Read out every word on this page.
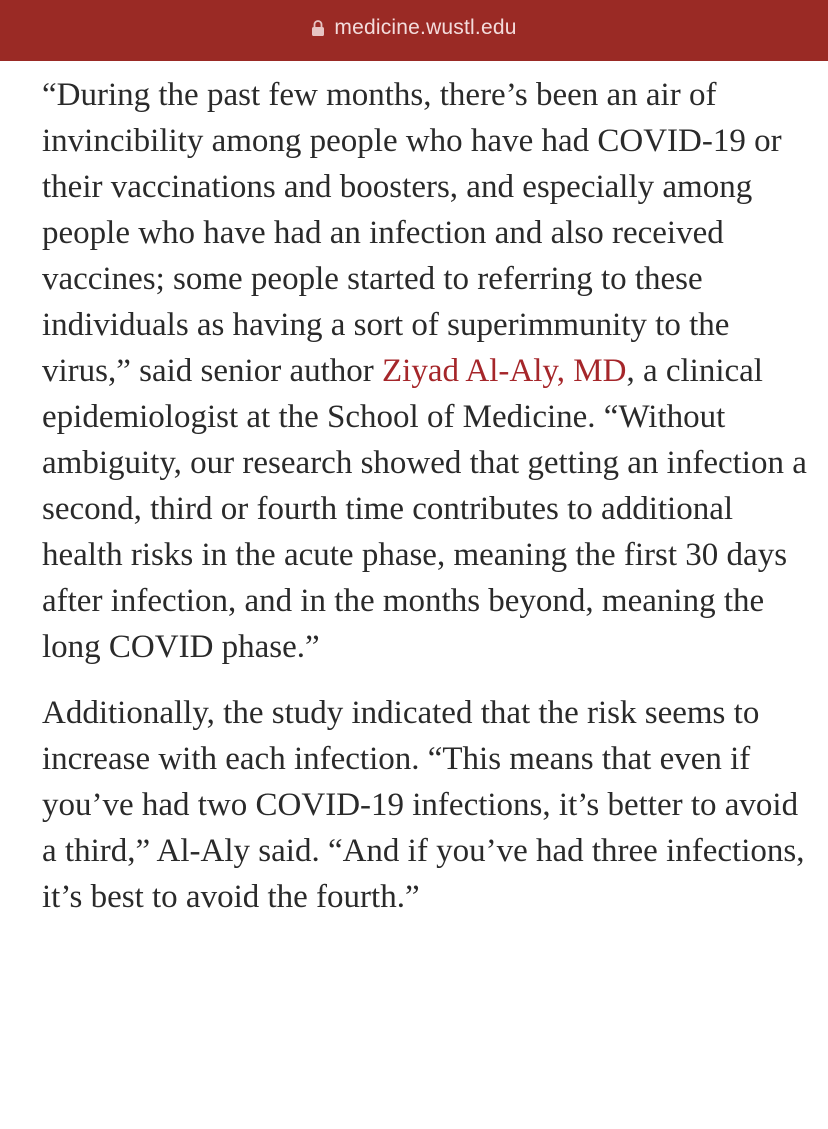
medicine.wustl.edu

“During the past few months, there’s been an air of invincibility among people who have had COVID-19 or their vaccinations and boosters, and especially among people who have had an infection and also received vaccines; some people started to referring to these individuals as having a sort of superimmunity to the virus,” said senior author Ziyad Al-Aly, MD, a clinical epidemiologist at the School of Medicine. “Without ambiguity, our research showed that getting an infection a second, third or fourth time contributes to additional health risks in the acute phase, meaning the first 30 days after infection, and in the months beyond, meaning the long COVID phase.”

Additionally, the study indicated that the risk seems to increase with each infection. “This means that even if you’ve had two COVID-19 infections, it’s better to avoid a third,” Al-Aly said. “And if you’ve had three infections, it’s best to avoid the fourth.”
